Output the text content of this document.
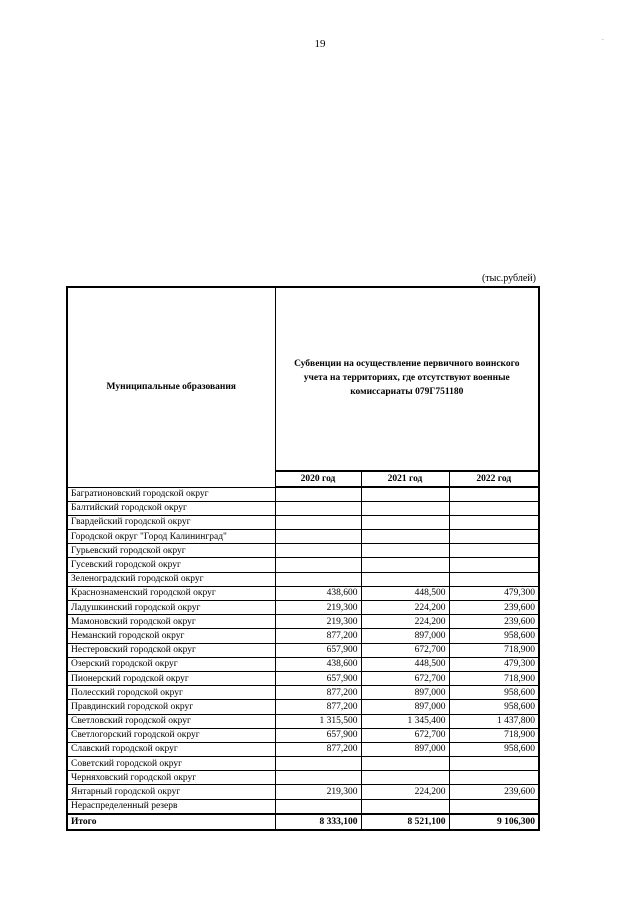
19	.
(тыс.рублей)
Муниципальные образования	Субвенции на осуществление первичного воинского учета на территориях, где отсутствуют военные комиссариаты 079Г751180		
	2020 год	2021 год	2022 год
Багратионовский городской округ			
Балтийский городской округ			
Гвардейский городской округ			
Городской округ "Город Калининград"			
Гурьевский городской округ			
Гусевский городской округ			
Зеленоградский городской округ			
Краснознаменский городской округ	438,600	448,500	479,300
Ладушкинский городской округ	219,300	224,200	239,600
Мамоновский городской округ	219,300	224,200	239,600
Неманский городской округ	877,200	897,000	958,600
Нестеровский городской округ	657,900	672,700	718,900
Озерский городской округ	438,600	448,500	479,300
Пионерский городской округ	657,900	672,700	718,900
Полесский городской округ	877,200	897,000	958,600
Правдинский городской округ	877,200	897,000	958,600
Светловский городской округ	1 315,500	1 345,400	1 437,800
Светлогорский городской округ	657,900	672,700	718,900
Славский городской округ	877,200	897,000	958,600
Советский городской округ			
Черняховский городской округ			
Янтарный городской округ	219,300	224,200	239,600
Нераспределенный резерв			
Итого	8 333,100	8 521,100	9 106,300
